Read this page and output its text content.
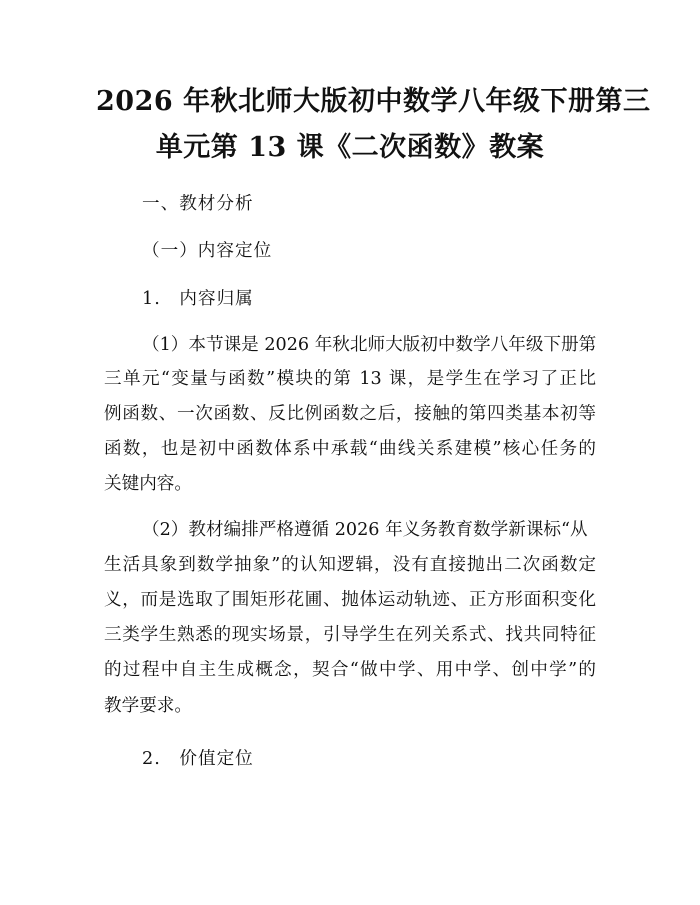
2026 年秋北师大版初中数学八年级下册第三
单元第 13 课《二次函数》教案
一、教材分析
（一）内容定位
1.　内容归属
（1）本节课是 2026 年秋北师大版初中数学八年级下册第
三单元“变量与函数”模块的第 13 课，是学生在学习了正比
例函数、一次函数、反比例函数之后，接触的第四类基本初等
函数，也是初中函数体系中承载“曲线关系建模”核心任务的
关键内容。
（2）教材编排严格遵循 2026 年义务教育数学新课标“从
生活具象到数学抽象”的认知逻辑，没有直接抛出二次函数定
义，而是选取了围矩形花圃、抛体运动轨迹、正方形面积变化
三类学生熟悉的现实场景，引导学生在列关系式、找共同特征
的过程中自主生成概念，契合“做中学、用中学、创中学”的
教学要求。
2.　价值定位
